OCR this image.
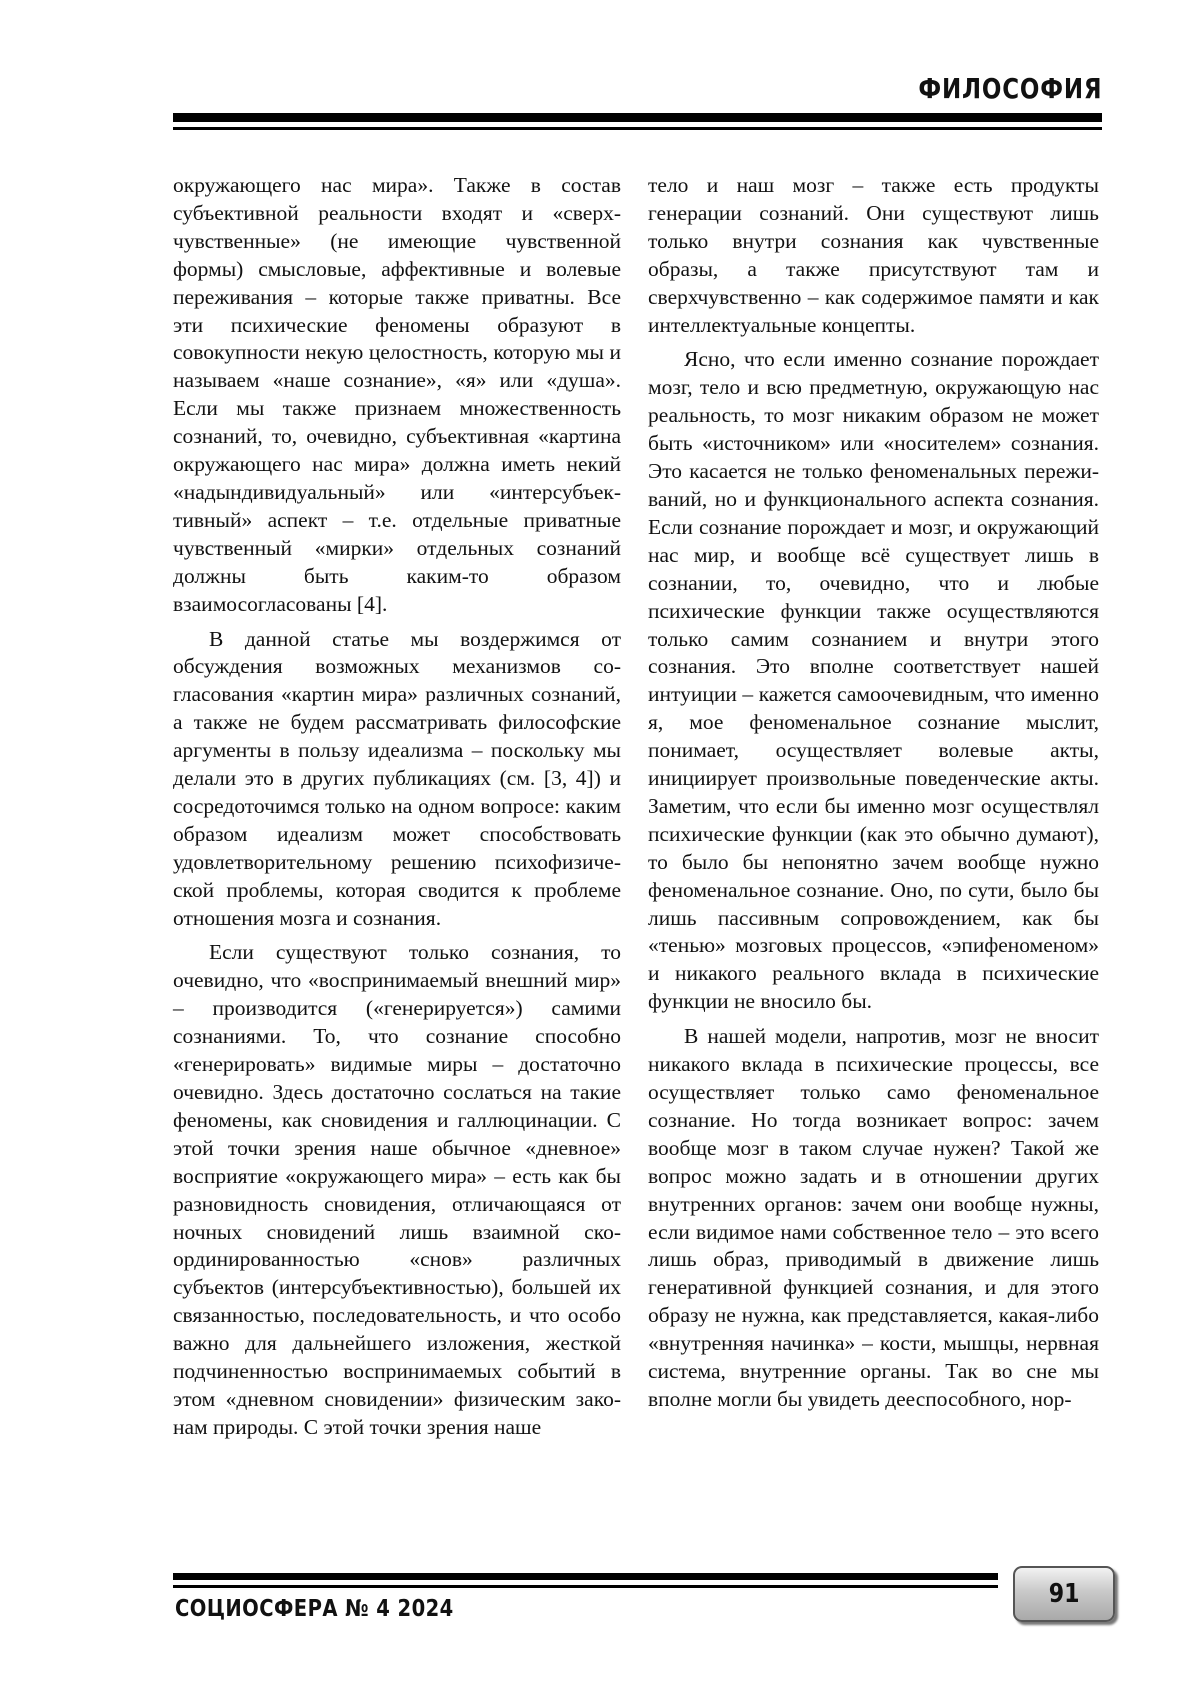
ФИЛОСОФИЯ

окружающего нас мира». Также в состав субъективной реальности входят и «сверхчувственные» (не имеющие чувственной формы) смысловые, аффективные и волевые переживания – которые также приватны. Все эти психические феномены образуют в совокупности некую целостность, которую мы и называем «наше сознание», «я» или «душа». Если мы также признаем множественность сознаний, то, очевидно, субъективная «картина окружающего нас мира» должна иметь некий «надындивидуальный» или «интерсубъективный» аспект – т.е. отдельные приватные чувственный «мирки» отдельных сознаний должны быть каким-то образом взаимосогласованы [4].

В данной статье мы воздержимся от обсуждения возможных механизмов согласования «картин мира» различных сознаний, а также не будем рассматривать философские аргументы в пользу идеализма – поскольку мы делали это в других публикациях (см. [3, 4]) и сосредоточимся только на одном вопросе: каким образом идеализм может способствовать удовлетворительному решению психофизической проблемы, которая сводится к проблеме отношения мозга и сознания.

Если существуют только сознания, то очевидно, что «воспринимаемый внешний мир» – производится («генерируется») самими сознаниями. То, что сознание способно «генерировать» видимые миры – достаточно очевидно. Здесь достаточно сослаться на такие феномены, как сновидения и галлюцинации. С этой точки зрения наше обычное «дневное» восприятие «окружающего мира» – есть как бы разновидность сновидения, отличающаяся от ночных сновидений лишь взаимной скоординированностью «снов» различных субъектов (интерсубъективностью), большей их связанностью, последовательность, и что особо важно для дальнейшего изложения, жесткой подчиненностью воспринимаемых событий в этом «дневном сновидении» физическим законам природы. С этой точки зрения наше

тело и наш мозг – также есть продукты генерации сознаний. Они существуют лишь только внутри сознания как чувственные образы, а также присутствуют там и сверхчувственно – как содержимое памяти и как интеллектуальные концепты.

Ясно, что если именно сознание порождает мозг, тело и всю предметную, окружающую нас реальность, то мозг никаким образом не может быть «источником» или «носителем» сознания. Это касается не только феноменальных переживаний, но и функционального аспекта сознания. Если сознание порождает и мозг, и окружающий нас мир, и вообще всё существует лишь в сознании, то, очевидно, что и любые психические функции также осуществляются только самим сознанием и внутри этого сознания. Это вполне соответствует нашей интуиции – кажется самоочевидным, что именно я, мое феноменальное сознание мыслит, понимает, осуществляет волевые акты, инициирует произвольные поведенческие акты. Заметим, что если бы именно мозг осуществлял психические функции (как это обычно думают), то было бы непонятно зачем вообще нужно феноменальное сознание. Оно, по сути, было бы лишь пассивным сопровождением, как бы «тенью» мозговых процессов, «эпифеноменом» и никакого реального вклада в психические функции не вносило бы.

В нашей модели, напротив, мозг не вносит никакого вклада в психические процессы, все осуществляет только само феноменальное сознание. Но тогда возникает вопрос: зачем вообще мозг в таком случае нужен? Такой же вопрос можно задать и в отношении других внутренних органов: зачем они вообще нужны, если видимое нами собственное тело – это всего лишь образ, приводимый в движение лишь генеративной функцией сознания, и для этого образу не нужна, как представляется, какая-либо «внутренняя начинка» – кости, мышцы, нервная система, внутренние органы. Так во сне мы вполне могли бы увидеть дееспособного, нор-

СОЦИОСФЕРА № 4 2024	91
